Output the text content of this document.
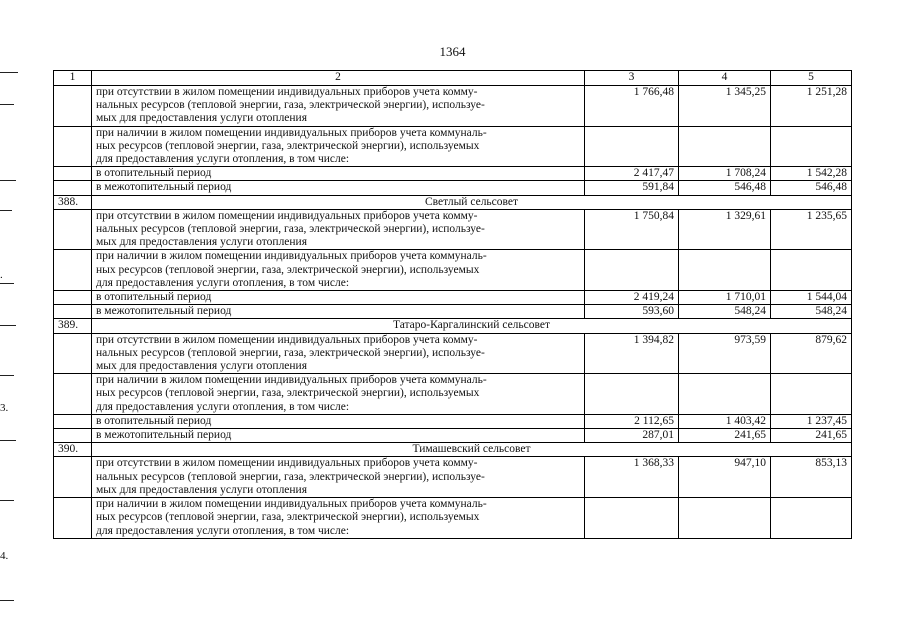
1364
.
3.
4.
1	2	3	4	5

	при отсутствии в жилом помещении индивидуальных приборов учета комму-
нальных ресурсов (тепловой энергии, газа, электрической энергии), используе-
мых для предоставления услуги отопления	1 766,48	1 345,25	1 251,28

	при наличии в жилом помещении индивидуальных приборов учета коммуналь-
ных ресурсов (тепловой энергии, газа, электрической энергии), используемых
для предоставления услуги отопления, в том числе:			

	в отопительный период	2 417,47	1 708,24	1 542,28
	в межотопительный период	591,84	546,48	546,48
388.	Светлый сельсовет			

	при отсутствии в жилом помещении индивидуальных приборов учета комму-
нальных ресурсов (тепловой энергии, газа, электрической энергии), используе-
мых для предоставления услуги отопления	1 750,84	1 329,61	1 235,65

	при наличии в жилом помещении индивидуальных приборов учета коммуналь-
ных ресурсов (тепловой энергии, газа, электрической энергии), используемых
для предоставления услуги отопления, в том числе:			

	в отопительный период	2 419,24	1 710,01	1 544,04
	в межотопительный период	593,60	548,24	548,24
389.	Татаро-Каргалинский сельсовет			

	при отсутствии в жилом помещении индивидуальных приборов учета комму-
нальных ресурсов (тепловой энергии, газа, электрической энергии), используе-
мых для предоставления услуги отопления	1 394,82	973,59	879,62

	при наличии в жилом помещении индивидуальных приборов учета коммуналь-
ных ресурсов (тепловой энергии, газа, электрической энергии), используемых
для предоставления услуги отопления, в том числе:			

	в отопительный период	2 112,65	1 403,42	1 237,45
	в межотопительный период	287,01	241,65	241,65
390.	Тимашевский сельсовет			

	при отсутствии в жилом помещении индивидуальных приборов учета комму-
нальных ресурсов (тепловой энергии, газа, электрической энергии), используе-
мых для предоставления услуги отопления	1 368,33	947,10	853,13

	при наличии в жилом помещении индивидуальных приборов учета коммуналь-
ных ресурсов (тепловой энергии, газа, электрической энергии), используемых
для предоставления услуги отопления, в том числе:			
